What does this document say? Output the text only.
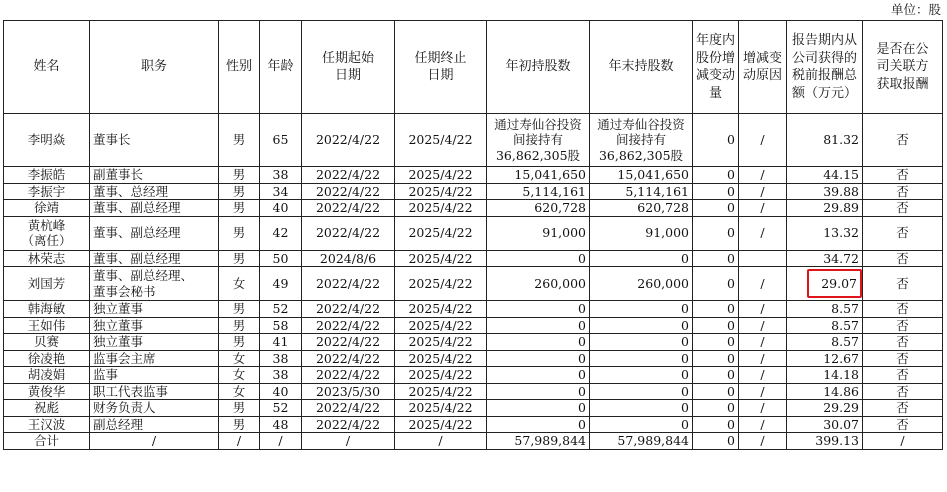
单位：股
姓名	职务	性别	年龄	任期起始日期	任期终止日期	年初持股数	年末持股数	年度内股份增减变动量	增减变动原因	报告期内从公司获得的税前报酬总额（万元）	是否在公司关联方获取报酬
李明焱	董事长	男	65	2022/4/22	2025/4/22	通过寿仙谷投资间接持有36,862,305股	通过寿仙谷投资间接持有36,862,305股	0	/	81.32	否
李振皓	副董事长	男	38	2022/4/22	2025/4/22	15,041,650	15,041,650	0	/	44.15	否
李振宇	董事、总经理	男	34	2022/4/22	2025/4/22	5,114,161	5,114,161	0	/	39.88	否
徐靖	董事、副总经理	男	40	2022/4/22	2025/4/22	620,728	620,728	0	/	29.89	否
黄杭峰（离任）	董事、副总经理	男	42	2022/4/22	2025/4/22	91,000	91,000	0	/	13.32	否
林荣志	董事、副总经理	男	50	2024/8/6	2025/4/22	0	0	0		34.72	否
刘国芳	董事、副总经理、董事会秘书	女	49	2022/4/22	2025/4/22	260,000	260,000	0	/	29.07	否
韩海敏	独立董事	男	52	2022/4/22	2025/4/22	0	0	0	/	8.57	否
王如伟	独立董事	男	58	2022/4/22	2025/4/22	0	0	0	/	8.57	否
贝赛	独立董事	男	41	2022/4/22	2025/4/22	0	0	0	/	8.57	否
徐凌艳	监事会主席	女	38	2022/4/22	2025/4/22	0	0	0	/	12.67	否
胡凌娟	监事	女	38	2022/4/22	2025/4/22	0	0	0	/	14.18	否
黄俊华	职工代表监事	女	40	2023/5/30	2025/4/22	0	0	0	/	14.86	否
祝彪	财务负责人	男	52	2022/4/22	2025/4/22	0	0	0	/	29.29	否
王汉波	副总经理	男	48	2022/4/22	2025/4/22	0	0	0	/	30.07	否
合计	/	/	/	/	/	57,989,844	57,989,844	0	/	399.13	/
